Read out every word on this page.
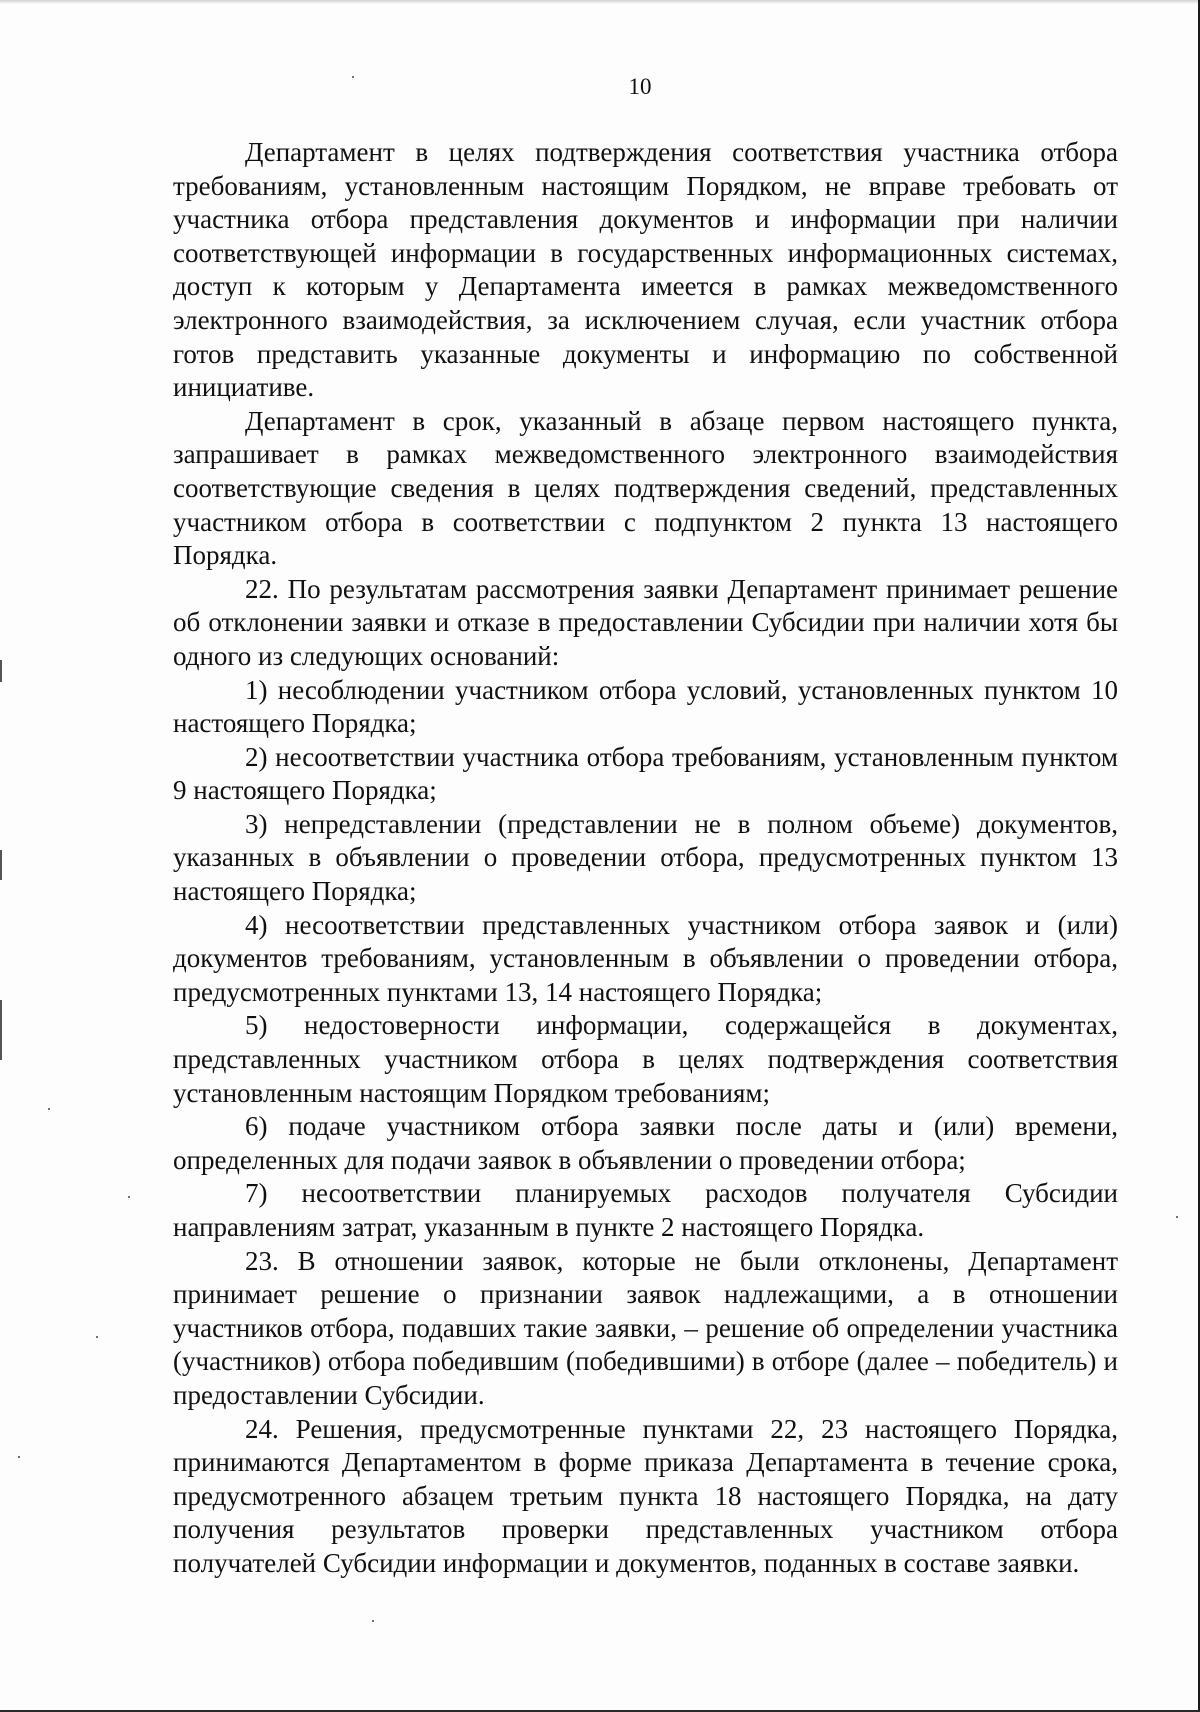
10

Департамент в целях подтверждения соответствия участника отбора требованиям, установленным настоящим Порядком, не вправе требовать от участника отбора представления документов и информации при наличии соответствующей информации в государственных информационных системах, доступ к которым у Департамента имеется в рамках межведомственного электронного взаимодействия, за исключением случая, если участник отбора готов представить указанные документы и информацию по собственной инициативе.

Департамент в срок, указанный в абзаце первом настоящего пункта, запрашивает в рамках межведомственного электронного взаимодействия соответствующие сведения в целях подтверждения сведений, представленных участником отбора в соответствии с подпунктом 2 пункта 13 настоящего Порядка.

22. По результатам рассмотрения заявки Департамент принимает решение об отклонении заявки и отказе в предоставлении Субсидии при наличии хотя бы одного из следующих оснований:

1) несоблюдении участником отбора условий, установленных пунктом 10 настоящего Порядка;

2) несоответствии участника отбора требованиям, установленным пунктом 9 настоящего Порядка;

3) непредставлении (представлении не в полном объеме) документов, указанных в объявлении о проведении отбора, предусмотренных пунктом 13 настоящего Порядка;

4) несоответствии представленных участником отбора заявок и (или) документов требованиям, установленным в объявлении о проведении отбора, предусмотренных пунктами 13, 14 настоящего Порядка;

5) недостоверности информации, содержащейся в документах, представленных участником отбора в целях подтверждения соответствия установленным настоящим Порядком требованиям;

6) подаче участником отбора заявки после даты и (или) времени, определенных для подачи заявок в объявлении о проведении отбора;

7) несоответствии планируемых расходов получателя Субсидии направлениям затрат, указанным в пункте 2 настоящего Порядка.

23. В отношении заявок, которые не были отклонены, Департамент принимает решение о признании заявок надлежащими, а в отношении участников отбора, подавших такие заявки, – решение об определении участника (участников) отбора победившим (победившими) в отборе (далее – победитель) и предоставлении Субсидии.

24. Решения, предусмотренные пунктами 22, 23 настоящего Порядка, принимаются Департаментом в форме приказа Департамента в течение срока, предусмотренного абзацем третьим пункта 18 настоящего Порядка, на дату получения результатов проверки представленных участником отбора получателей Субсидии информации и документов, поданных в составе заявки.
